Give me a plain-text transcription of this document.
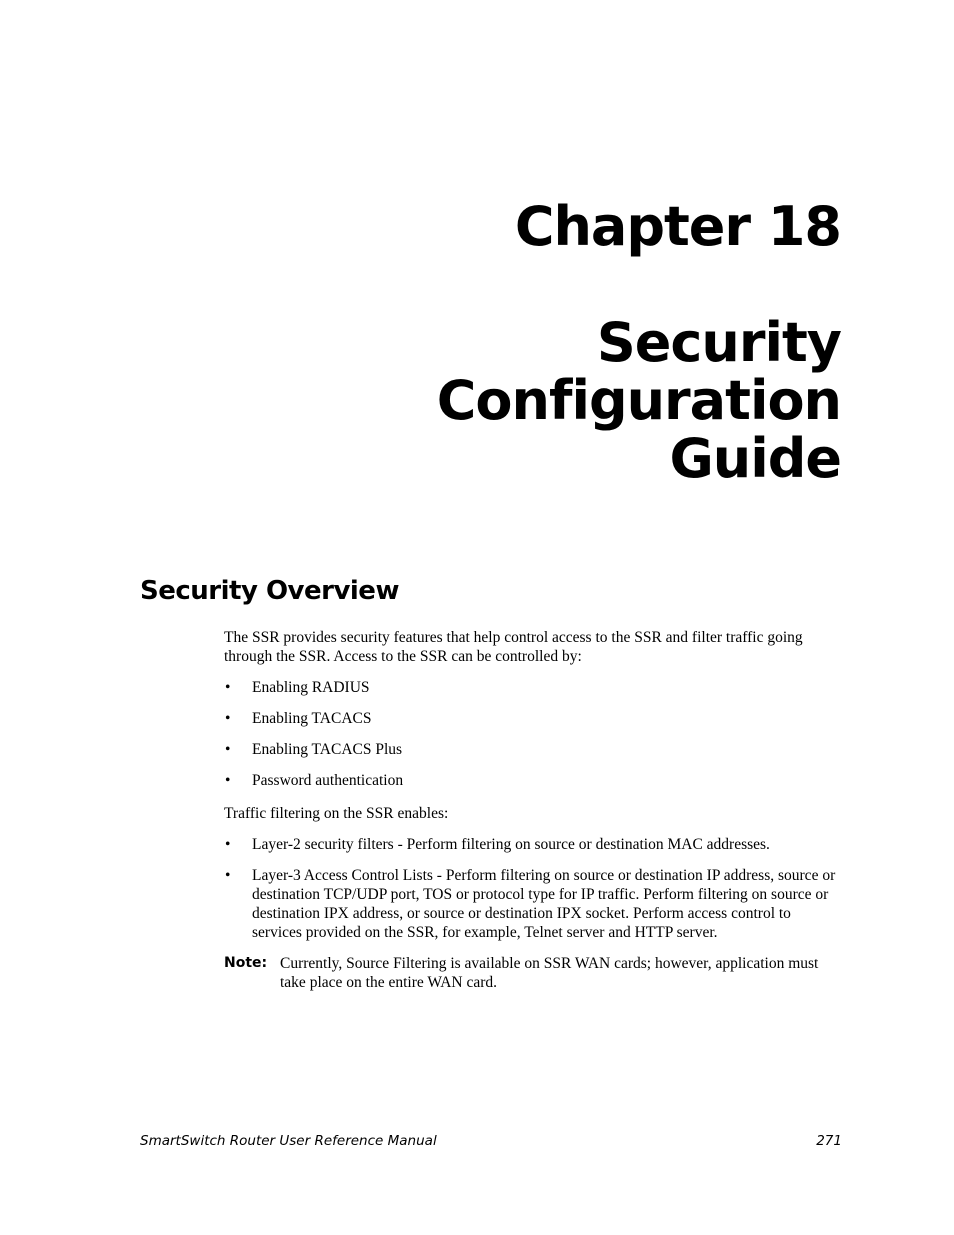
Chapter 18
Security
Configuration
Guide
Security Overview

The SSR provides security features that help control access to the SSR and filter traffic going through the SSR. Access to the SSR can be controlled by:

• Enabling RADIUS
• Enabling TACACS
• Enabling TACACS Plus
• Password authentication

Traffic filtering on the SSR enables:

• Layer-2 security filters - Perform filtering on source or destination MAC addresses.
• Layer-3 Access Control Lists - Perform filtering on source or destination IP address, source or destination TCP/UDP port, TOS or protocol type for IP traffic. Perform filtering on source or destination IPX address, or source or destination IPX socket. Perform access control to services provided on the SSR, for example, Telnet server and HTTP server.
Note: Currently, Source Filtering is available on SSR WAN cards; however, application must take place on the entire WAN card.
SmartSwitch Router User Reference Manual	271
